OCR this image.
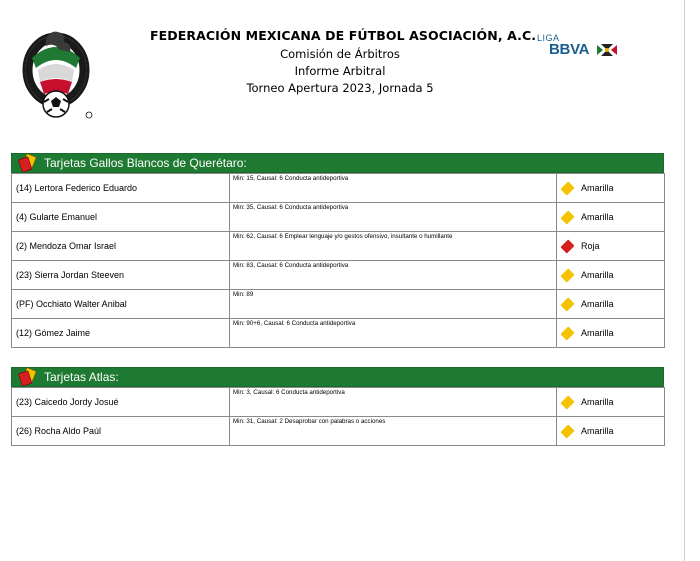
FEDERACIÓN MEXICANA DE FÚTBOL ASOCIACIÓN, A.C.
Comisión de Árbitros
Informe Arbitral
Torneo Apertura 2023, Jornada 5
LIGA
BBVA
Tarjetas Gallos Blancos de Querétaro:
(14) Lertora Federico Eduardo	Min: 15, Causal: 6 Conducta antideportiva	Amarilla

(4) Gularte Emanuel	Min: 35, Causal: 6 Conducta antideportiva	Amarilla

(2) Mendoza Omar Israel	Min: 62, Causal: 6 Emplear lenguaje y/o gestos ofensivo, insultante o humillante	Roja

(23) Sierra Jordan Steeven	Min: 83, Causal: 6 Conducta antideportiva	Amarilla

(PF) Occhiato Walter Anibal	Min: 89	Amarilla

(12) Gómez Jaime	Min: 90+6, Causal: 6 Conducta antideportiva	Amarilla
Tarjetas Atlas:
(23) Caicedo Jordy Josué	Min: 3, Causal: 6 Conducta antideportiva	Amarilla

(26) Rocha Aldo Paúl	Min: 31, Causal: 2 Desaprobar con palabras o acciones	Amarilla
